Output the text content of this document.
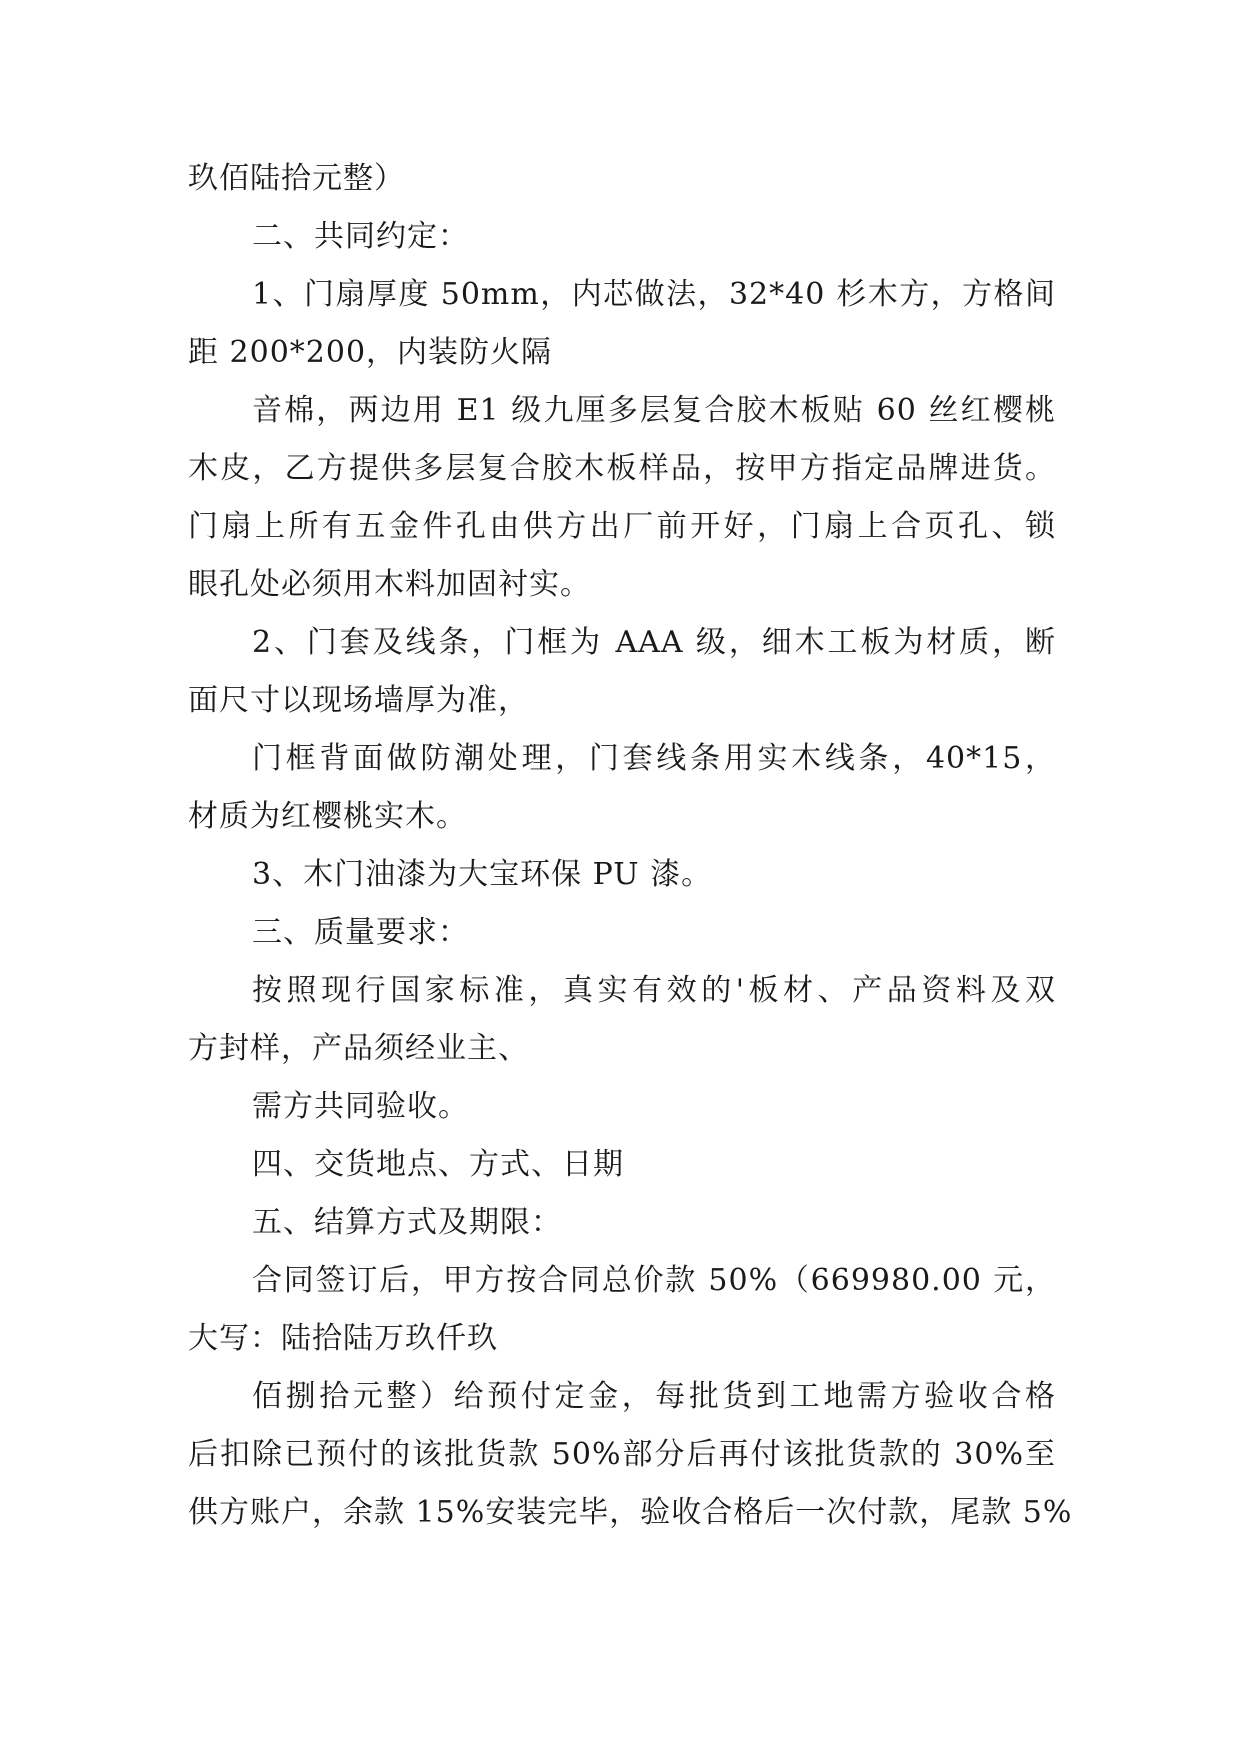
玖佰陆拾元整）
二、共同约定：
1、门扇厚度 50mm，内芯做法，32*40 杉木方，方格间
距 200*200，内装防火隔
音棉，两边用 E1 级九厘多层复合胶木板贴 60 丝红樱桃
木皮，乙方提供多层复合胶木板样品，按甲方指定品牌进货。
门扇上所有五金件孔由供方出厂前开好，门扇上合页孔、锁
眼孔处必须用木料加固衬实。
2、门套及线条，门框为 AAA 级，细木工板为材质，断
面尺寸以现场墙厚为准，
门框背面做防潮处理，门套线条用实木线条，40*15，
材质为红樱桃实木。
3、木门油漆为大宝环保 PU 漆。
三、质量要求：
按照现行国家标准，真实有效的'板材、产品资料及双
方封样，产品须经业主、
需方共同验收。
四、交货地点、方式、日期
五、结算方式及期限：
合同签订后，甲方按合同总价款 50%（669980.00 元，
大写：陆拾陆万玖仟玖
佰捌拾元整）给预付定金，每批货到工地需方验收合格
后扣除已预付的该批货款 50%部分后再付该批货款的 30%至
供方账户，余款 15%安装完毕，验收合格后一次付款，尾款 5%
